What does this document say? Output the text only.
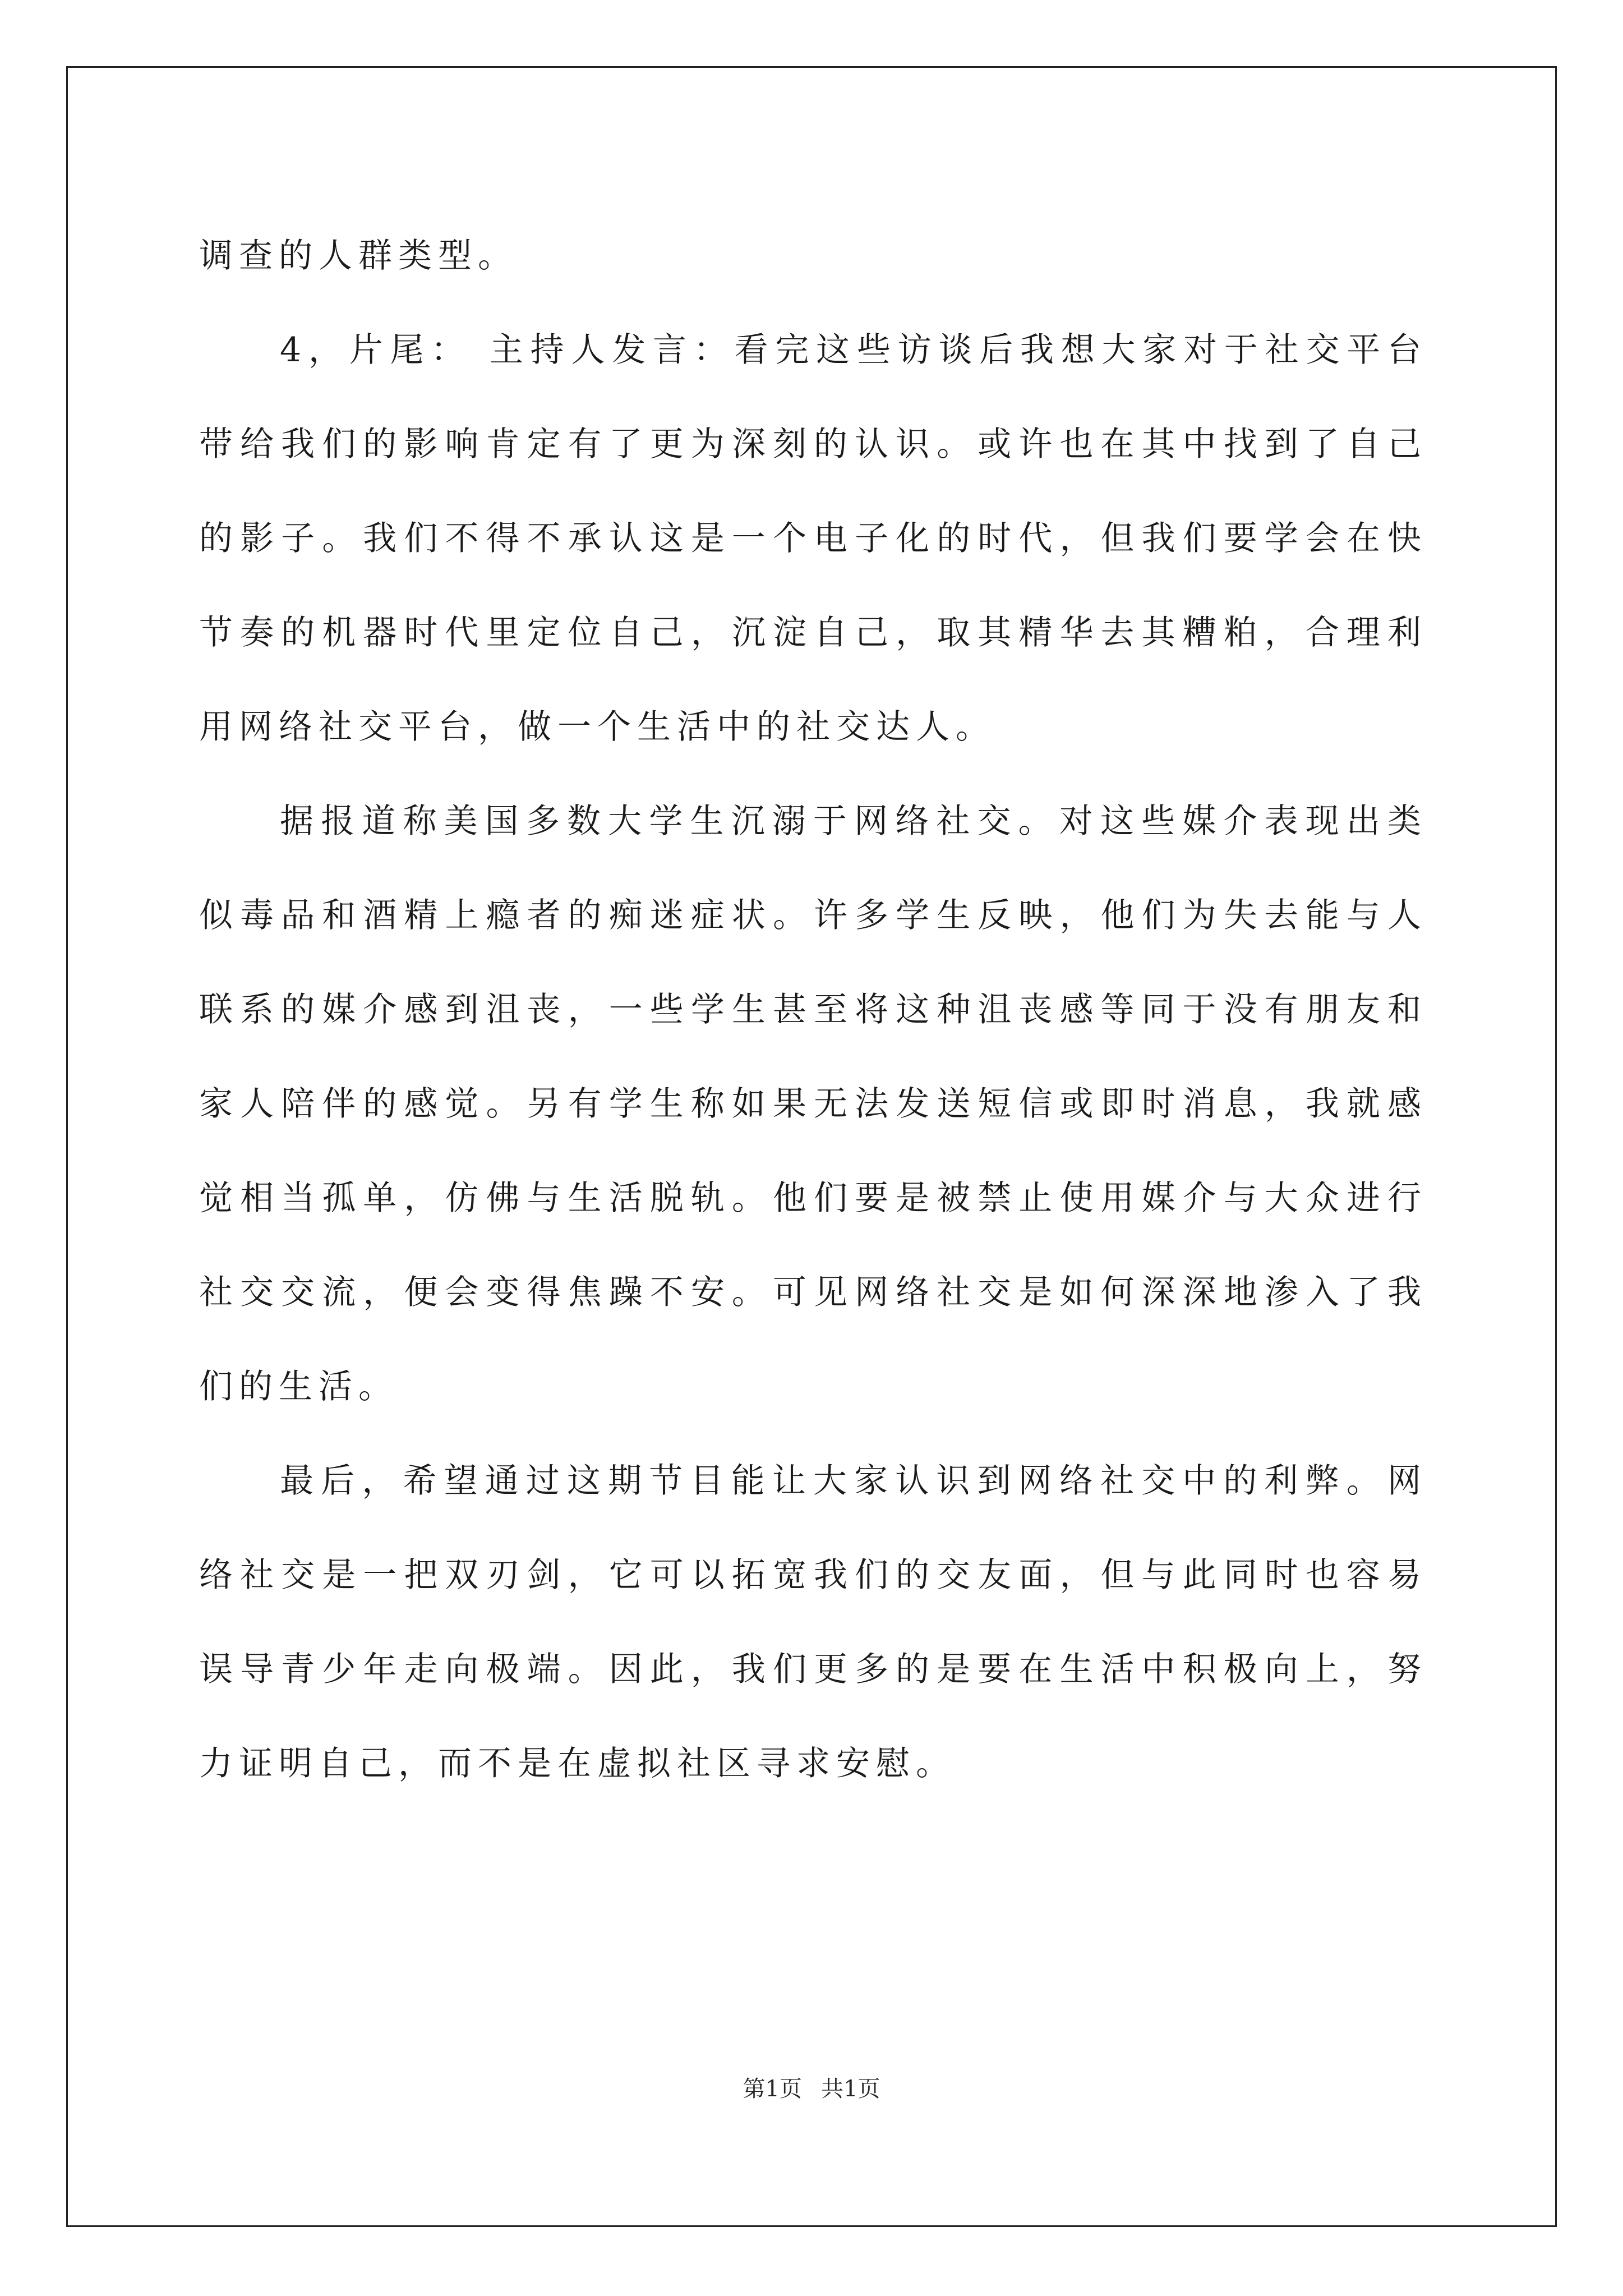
调查的人群类型。

4，片尾： 主持人发言：看完这些访谈后我想大家对于社交平台带给我们的影响肯定有了更为深刻的认识。或许也在其中找到了自己的影子。我们不得不承认这是一个电子化的时代，但我们要学会在快节奏的机器时代里定位自己，沉淀自己，取其精华去其糟粕，合理利用网络社交平台，做一个生活中的社交达人。

据报道称美国多数大学生沉溺于网络社交。对这些媒介表现出类似毒品和酒精上瘾者的痴迷症状。许多学生反映，他们为失去能与人联系的媒介感到沮丧，一些学生甚至将这种沮丧感等同于没有朋友和家人陪伴的感觉。另有学生称如果无法发送短信或即时消息，我就感觉相当孤单，仿佛与生活脱轨。他们要是被禁止使用媒介与大众进行社交交流，便会变得焦躁不安。可见网络社交是如何深深地渗入了我们的生活。

最后，希望通过这期节目能让大家认识到网络社交中的利弊。网络社交是一把双刃剑，它可以拓宽我们的交友面，但与此同时也容易误导青少年走向极端。因此，我们更多的是要在生活中积极向上，努力证明自己，而不是在虚拟社区寻求安慰。

第1页 共1页
